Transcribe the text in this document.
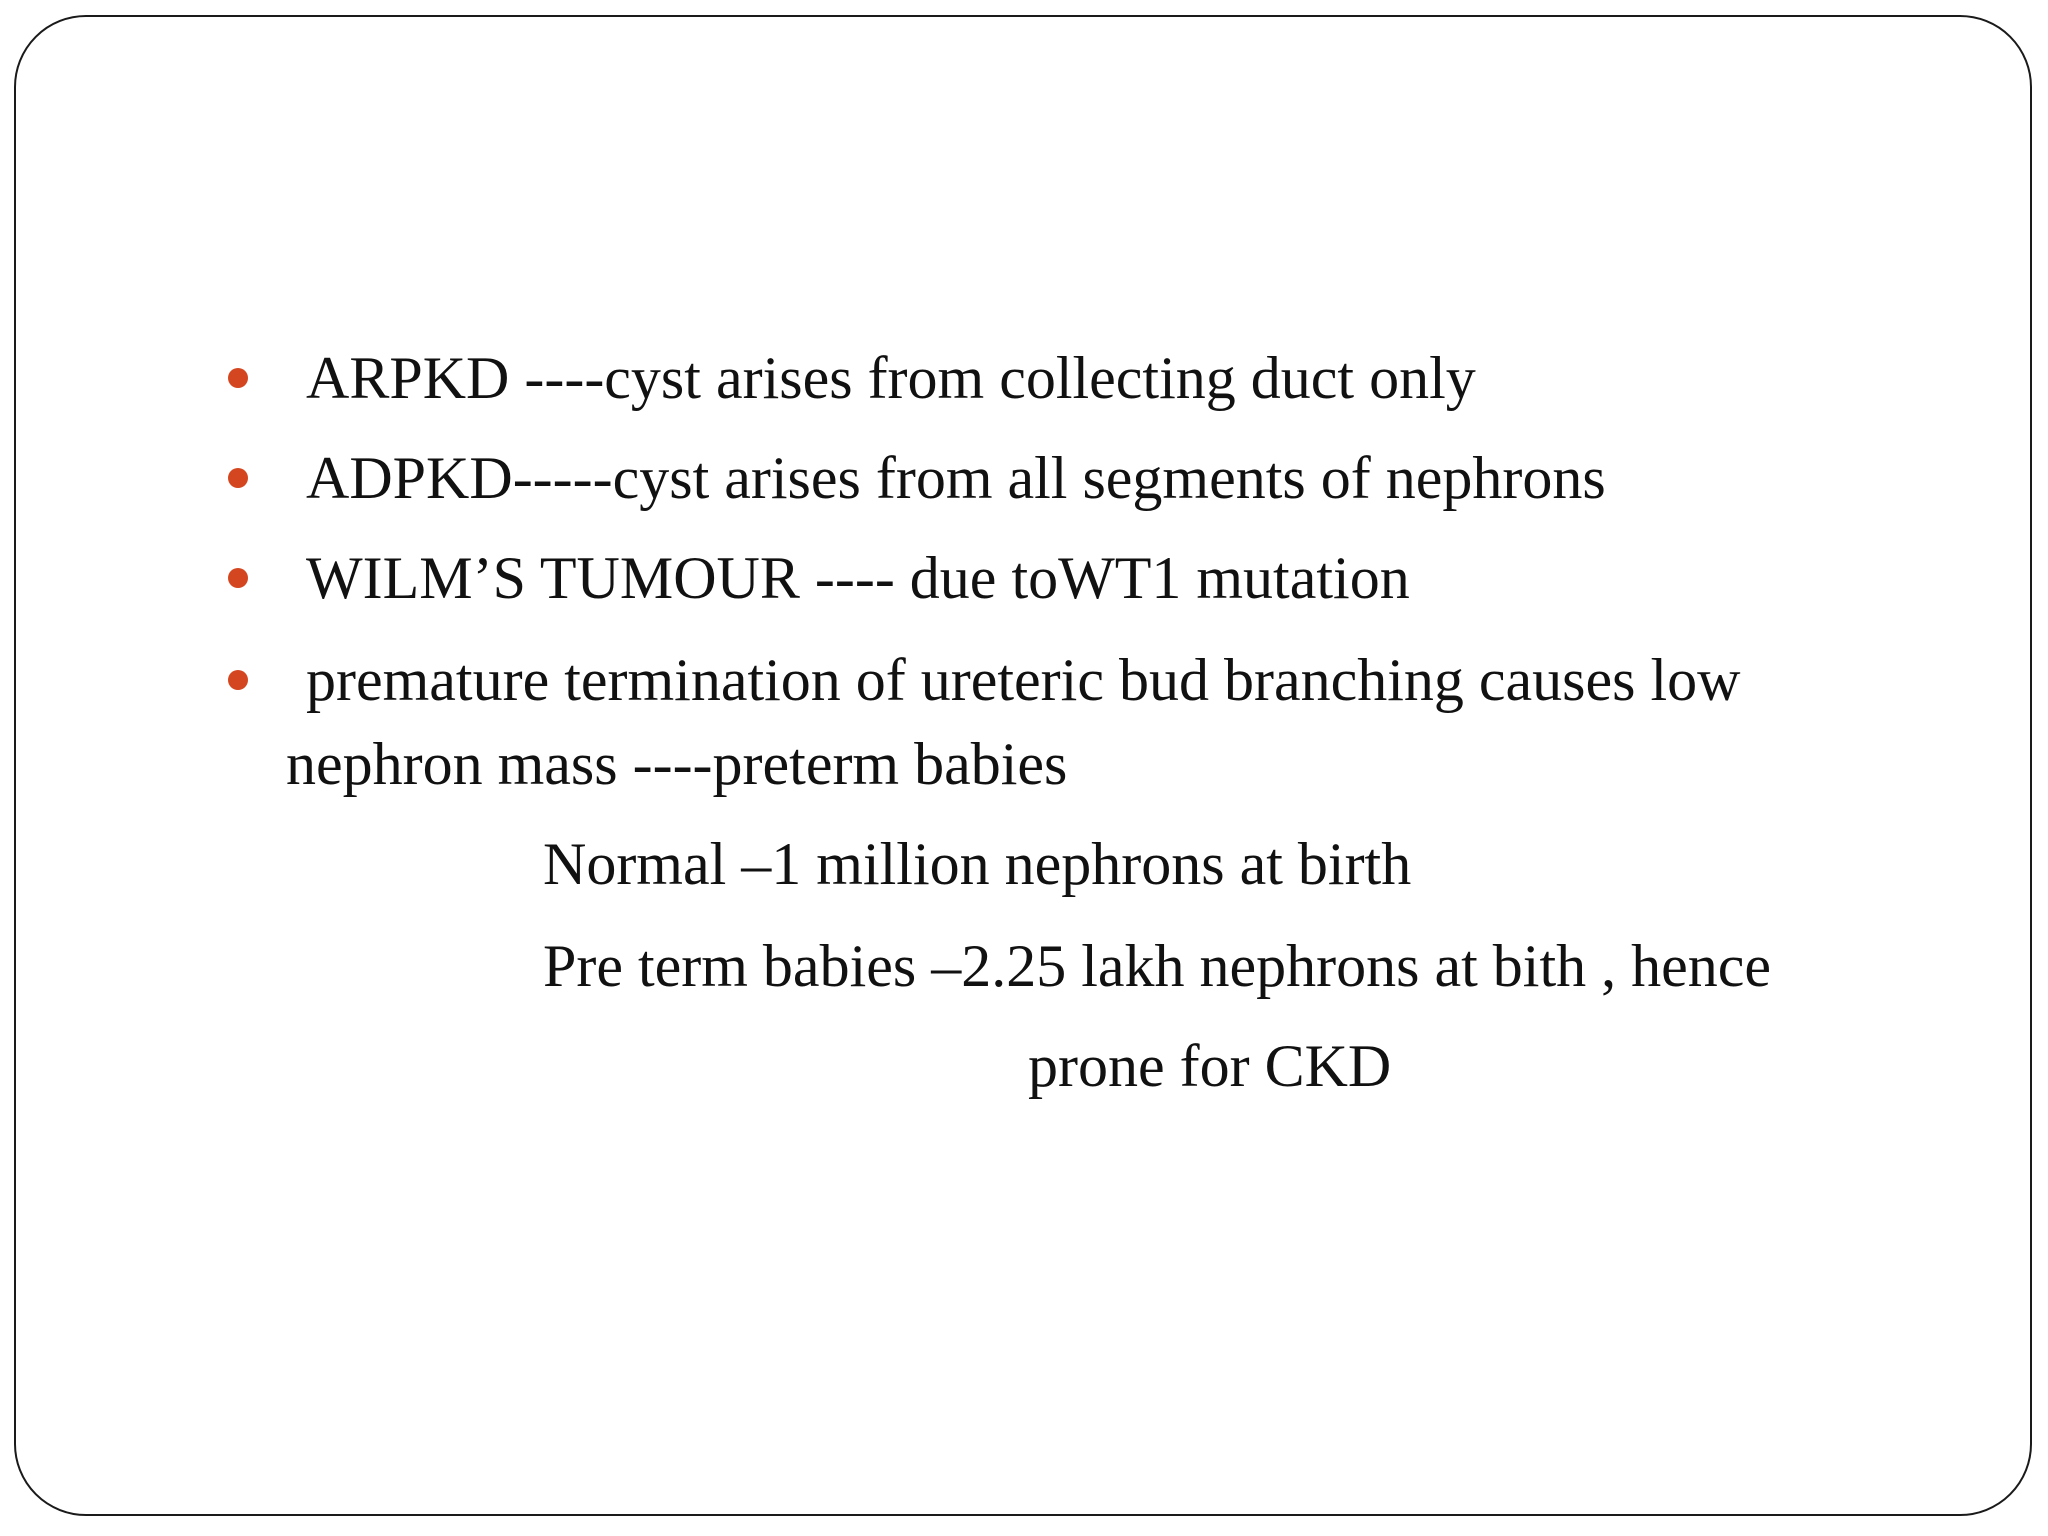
ARPKD ----cyst arises from collecting duct only
ADPKD-----cyst arises from all segments of nephrons
WILM’S TUMOUR ---- due toWT1 mutation
premature termination of ureteric bud branching causes low
nephron mass ----preterm babies
Normal –1 million nephrons at birth
Pre term babies –2.25 lakh nephrons at bith , hence
prone for CKD
